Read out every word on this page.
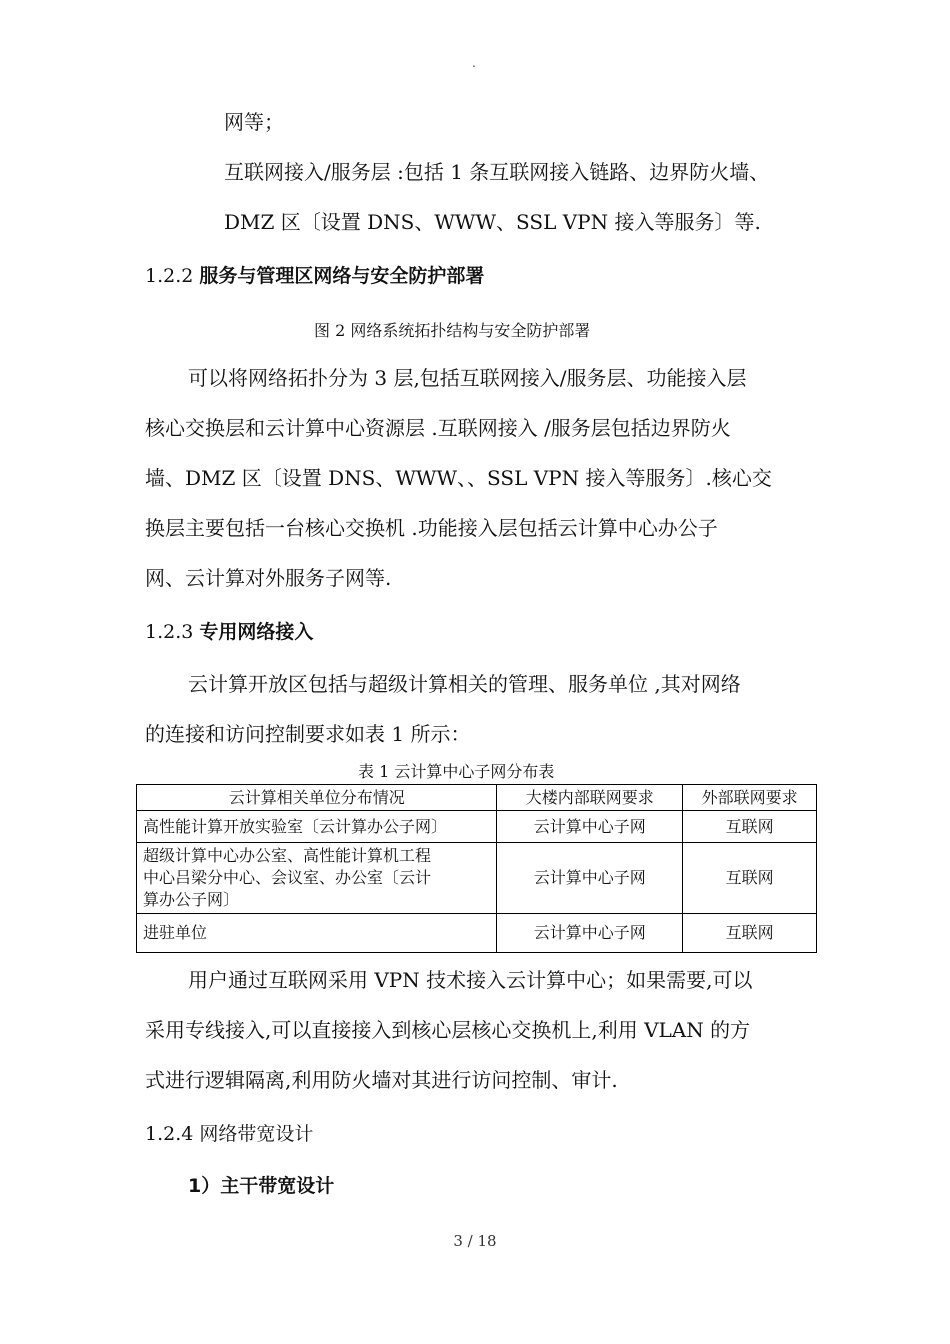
.
网等；
互联网接入/服务层 :包括 1 条互联网接入链路、边界防火墙、
DMZ 区〔设置 DNS、WWW、SSL VPN 接入等服务〕等.
1.2.2 服务与管理区网络与安全防护部署
图 2 网络系统拓扑结构与安全防护部署
可以将网络拓扑分为 3 层,包括互联网接入/服务层、功能接入层
核心交换层和云计算中心资源层 .互联网接入 /服务层包括边界防火
墙、DMZ 区〔设置 DNS、WWW、、SSL VPN 接入等服务〕.核心交
换层主要包括一台核心交换机 .功能接入层包括云计算中心办公子
网、云计算对外服务子网等.
1.2.3 专用网络接入
云计算开放区包括与超级计算相关的管理、服务单位 ,其对网络
的连接和访问控制要求如表 1 所示：
表 1 云计算中心子网分布表
云计算相关单位分布情况	大楼内部联网要求	外部联网要求
高性能计算开放实验室〔云计算办公子网〕	云计算中心子网	互联网

超级计算中心办公室、高性能计算机工程
中心吕梁分中心、会议室、办公室〔云计
算办公子网〕	云计算中心子网	互联网
进驻单位	云计算中心子网	互联网
用户通过互联网采用 VPN 技术接入云计算中心；如果需要,可以
采用专线接入,可以直接接入到核心层核心交换机上,利用 VLAN 的方
式进行逻辑隔离,利用防火墙对其进行访问控制、审计.
1.2.4 网络带宽设计
1）主干带宽设计
3 / 18
